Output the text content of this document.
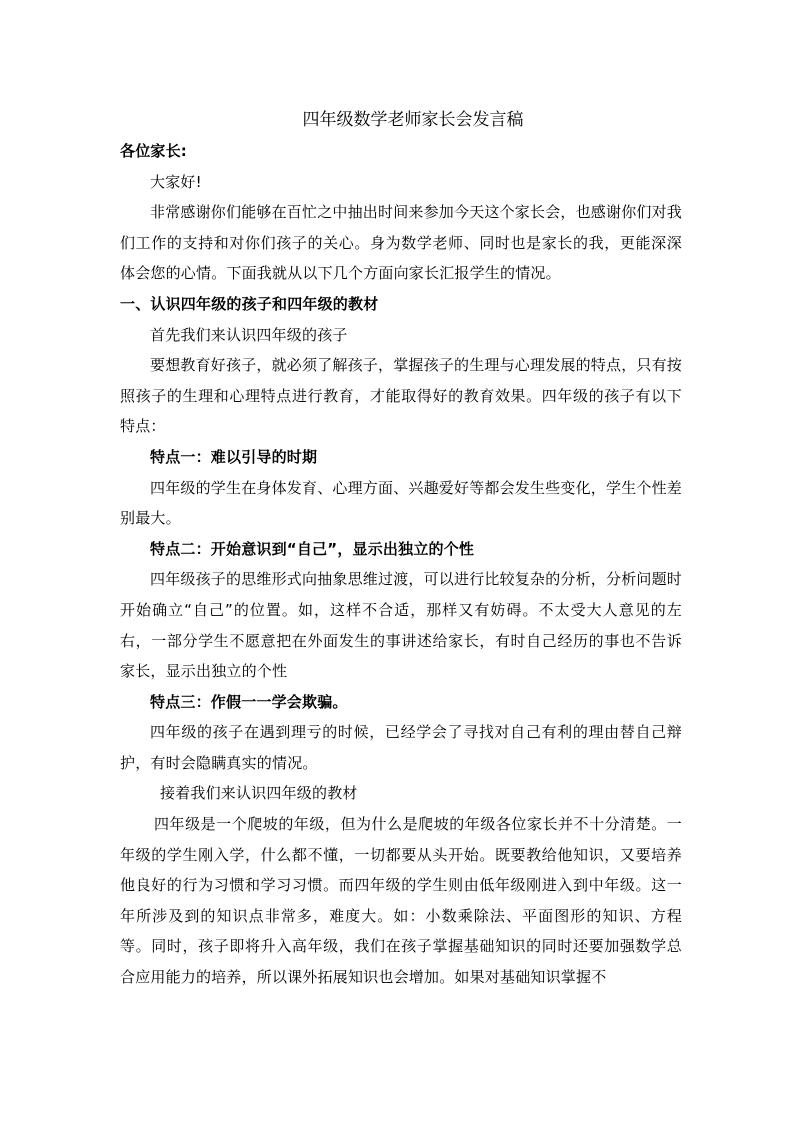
四年级数学老师家长会发言稿

各位家长:

大家好!

非常感谢你们能够在百忙之中抽出时间来参加今天这个家长会，也感谢你们对我们工作的支持和对你们孩子的关心。身为数学老师、同时也是家长的我，更能深深体会您的心情。下面我就从以下几个方面向家长汇报学生的情况。

一、认识四年级的孩子和四年级的教材

首先我们来认识四年级的孩子

要想教育好孩子，就必须了解孩子，掌握孩子的生理与心理发展的特点，只有按照孩子的生理和心理特点进行教育，才能取得好的教育效果。四年级的孩子有以下特点：

特点一：难以引导的时期

四年级的学生在身体发育、心理方面、兴趣爱好等都会发生些变化，学生个性差别最大。

特点二：开始意识到“自己”，显示出独立的个性

四年级孩子的思维形式向抽象思维过渡，可以进行比较复杂的分析，分析问题时开始确立“自己”的位置。如，这样不合适，那样又有妨碍。不太受大人意见的左右，一部分学生不愿意把在外面发生的事讲述给家长，有时自己经历的事也不告诉家长，显示出独立的个性

特点三：作假一一学会欺骗。

四年级的孩子在遇到理亏的时候，已经学会了寻找对自己有利的理由替自己辩护，有时会隐瞒真实的情况。

接着我们来认识四年级的教材

四年级是一个爬坡的年级，但为什么是爬坡的年级各位家长并不十分清楚。一年级的学生刚入学，什么都不懂，一切都要从头开始。既要教给他知识，又要培养他良好的行为习惯和学习习惯。而四年级的学生则由低年级刚进入到中年级。这一年所涉及到的知识点非常多，难度大。如：小数乘除法、平面图形的知识、方程等。同时，孩子即将升入高年级，我们在孩子掌握基础知识的同时还要加强数学总合应用能力的培养，所以课外拓展知识也会增加。如果对基础知识掌握不
